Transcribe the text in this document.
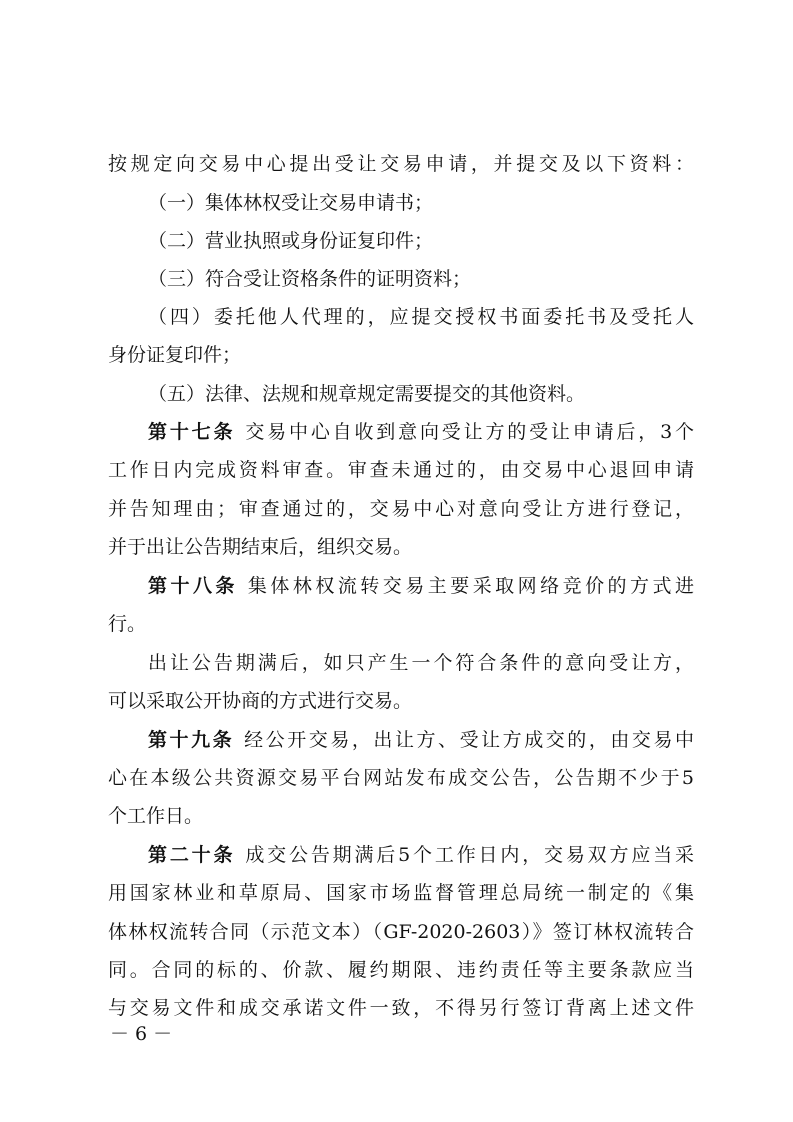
按规定向交易中心提出受让交易申请，并提交及以下资料：
（一）集体林权受让交易申请书；
（二）营业执照或身份证复印件；
（三）符合受让资格条件的证明资料；
（四）委托他人代理的，应提交授权书面委托书及受托人
身份证复印件；
（五）法律、法规和规章规定需要提交的其他资料。
第十七条 交易中心自收到意向受让方的受让申请后，3个
工作日内完成资料审查。审查未通过的，由交易中心退回申请
并告知理由；审查通过的，交易中心对意向受让方进行登记，
并于出让公告期结束后，组织交易。
第十八条 集体林权流转交易主要采取网络竞价的方式进
行。
出让公告期满后，如只产生一个符合条件的意向受让方，
可以采取公开协商的方式进行交易。
第十九条 经公开交易，出让方、受让方成交的，由交易中
心在本级公共资源交易平台网站发布成交公告，公告期不少于5
个工作日。
第二十条 成交公告期满后5个工作日内，交易双方应当采
用国家林业和草原局、国家市场监督管理总局统一制定的《集
体林权流转合同（示范文本）（GF-2020-2603）》签订林权流转合
同。合同的标的、价款、履约期限、违约责任等主要条款应当
与交易文件和成交承诺文件一致，不得另行签订背离上述文件
－ 6 －
